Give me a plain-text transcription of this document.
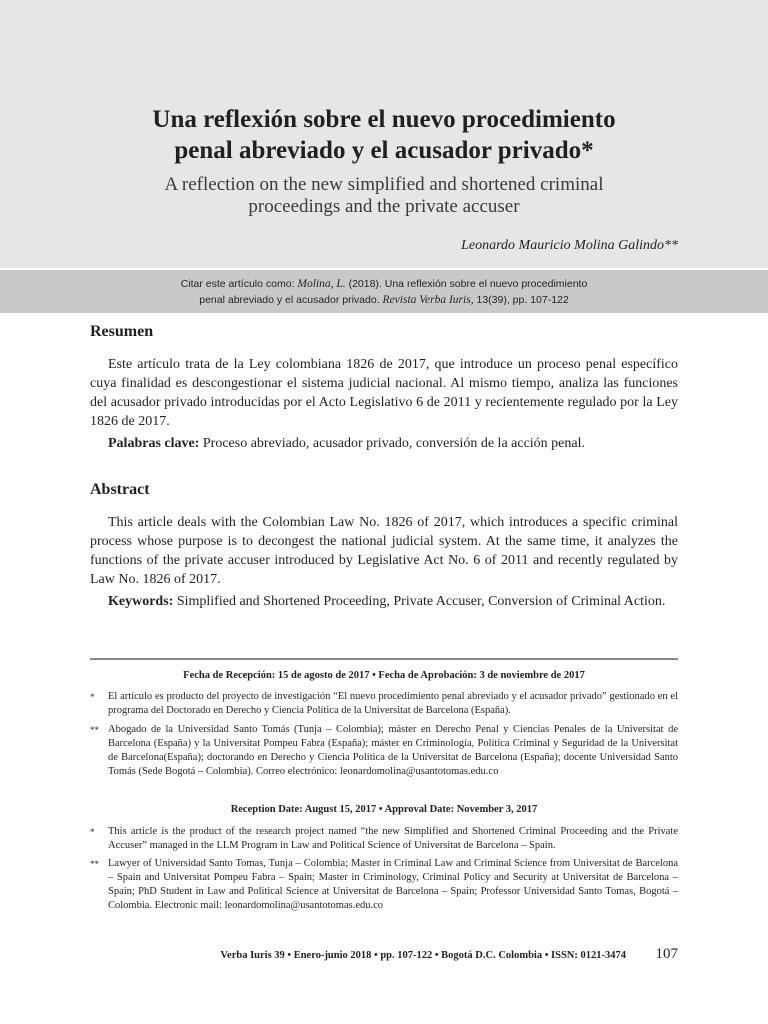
Una reflexión sobre el nuevo procedimiento
penal abreviado y el acusador privado*
A reflection on the new simplified and shortened criminal
proceedings and the private accuser
Leonardo Mauricio Molina Galindo**
Citar este artículo como: Molina, L. (2018). Una reflexión sobre el nuevo procedimiento
penal abreviado y el acusador privado. Revista Verba Iuris, 13(39), pp. 107-122
Resumen

Este artículo trata de la Ley colombiana 1826 de 2017, que introduce un proceso penal específico cuya finalidad es descongestionar el sistema judicial nacional. Al mismo tiempo, analiza las funciones del acusador privado introducidas por el Acto Legislativo 6 de 2011 y recientemente regulado por la Ley 1826 de 2017.

Palabras clave: Proceso abreviado, acusador privado, conversión de la acción penal.

Abstract

This article deals with the Colombian Law No. 1826 of 2017, which introduces a specific criminal process whose purpose is to decongest the national judicial system. At the same time, it analyzes the functions of the private accuser introduced by Legislative Act No. 6 of 2011 and recently regulated by Law No. 1826 of 2017.

Keywords: Simplified and Shortened Proceeding, Private Accuser, Conversion of Criminal Action.

Fecha de Recepción: 15 de agosto de 2017 • Fecha de Aprobación: 3 de noviembre de 2017
* El artículo es producto del proyecto de investigación “El nuevo procedimiento penal abreviado y el acusador privado” gestionado en el programa del Doctorado en Derecho y Ciencia Política de la Universitat de Barcelona (España).
** Abogado de la Universidad Santo Tomás (Tunja – Colombia); máster en Derecho Penal y Ciencias Penales de la Universitat de Barcelona (España) y la Universitat Pompeu Fabra (España); máster en Criminología, Política Criminal y Seguridad de la Universitat de Barcelona(España); doctorando en Derecho y Ciencia Política de la Universitat de Barcelona (España); docente Universidad Santo Tomás (Sede Bogotá – Colombia). Correo electrónico: leonardomolina@usantotomas.edu.co
Reception Date: August 15, 2017 • Approval Date: November 3, 2017
* This article is the product of the research project named “the new Simplified and Shortened Criminal Proceeding and the Private Accuser” managed in the LLM Program in Law and Political Science of Universitat de Barcelona – Spain.
** Lawyer of Universidad Santo Tomas, Tunja – Colombia; Master in Criminal Law and Criminal Science from Universitat de Barcelona – Spain and Universitat Pompeu Fabra – Spain; Master in Criminology, Criminal Policy and Security at Universitat de Barcelona – Spain; PhD Student in Law and Political Science at Universitat de Barcelona – Spain; Professor Universidad Santo Tomas, Bogotá – Colombia. Electronic mail: leonardomolina@usantotomas.edu.co
Verba Iuris 39 • Enero-junio 2018 • pp. 107-122 • Bogotá D.C. Colombia • ISSN: 0121-3474 107
